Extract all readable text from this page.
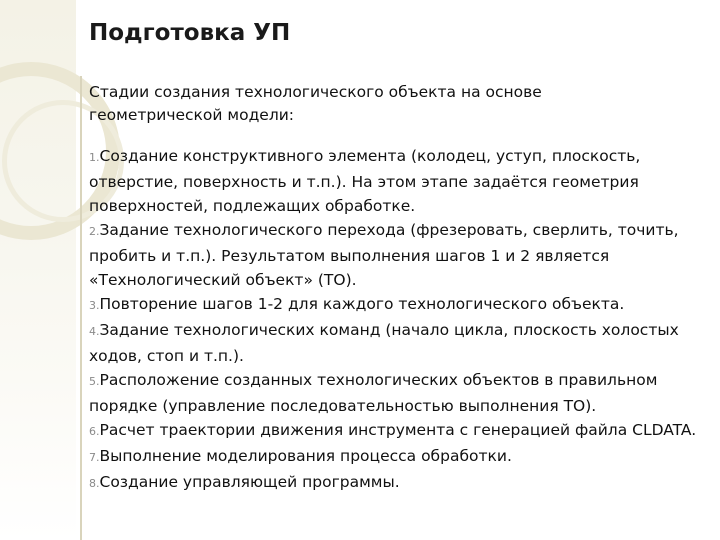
Подготовка УП
Стадии создания технологического объекта на основе геометрической модели:

1.Создание конструктивного элемента (колодец, уступ, плоскость, отверстие, поверхность и т.п.). На этом этапе задаётся геометрия поверхностей, подлежащих обработке.

2.Задание технологического перехода (фрезеровать, сверлить, точить, пробить и т.п.). Результатом выполнения шагов 1 и 2 является «Технологический объект» (ТО).

3.Повторение шагов 1-2 для каждого технологического объекта.

4.Задание технологических команд (начало цикла, плоскость холостых ходов, стоп и т.п.).

5.Расположение созданных технологических объектов в правильном порядке (управление последовательностью выполнения ТО).

6.Расчет траектории движения инструмента с генерацией файла CLDATA.

7.Выполнение моделирования процесса обработки.

8.Создание управляющей программы.
